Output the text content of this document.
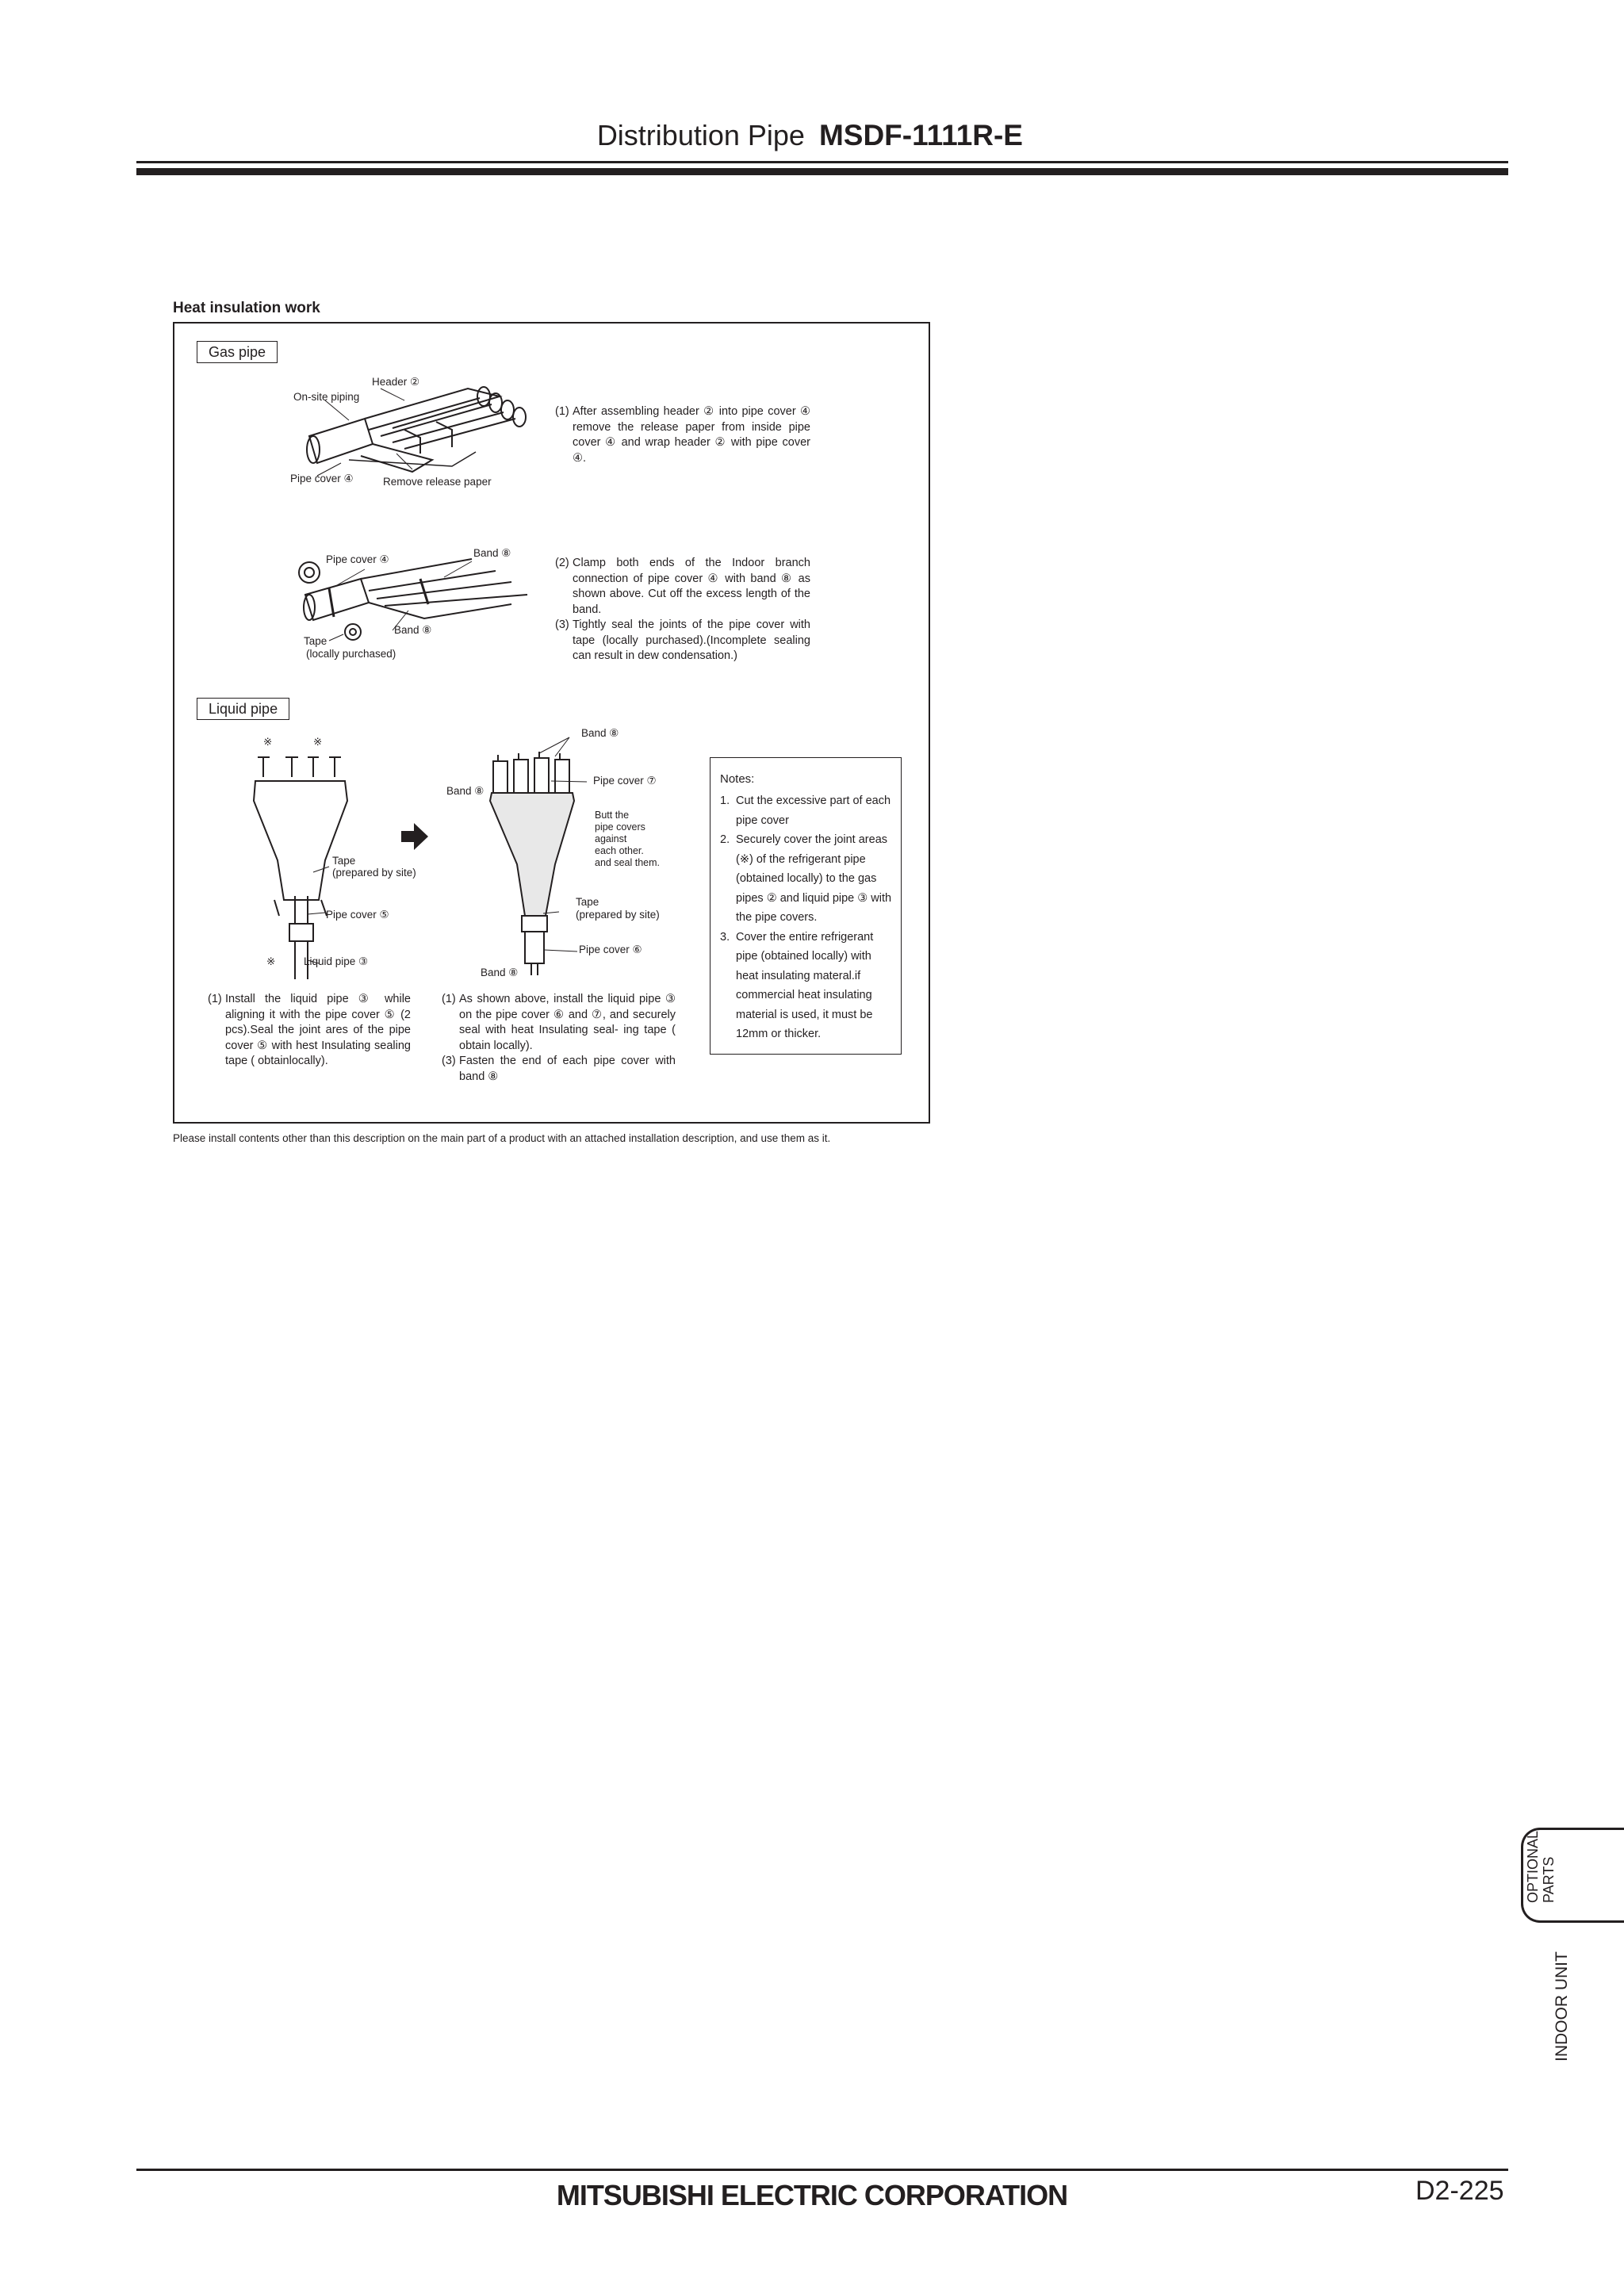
Distribution Pipe MSDF-1111R-E
Heat insulation work
Gas pipe
Header ②
On-site piping
Pipe cover ④	Remove release paper
(1) After assembling header ② into pipe cover ④ remove the release paper from inside pipe cover ④ and wrap header ② with pipe cover ④.
Pipe cover ④
Band ⑧
Band ⑧
Tape
(locally purchased)
(2) Clamp both ends of the Indoor branch connection of pipe cover ④ with band ⑧ as shown above. Cut off the excess length of the band.
(3) Tightly seal the joints of the pipe cover with tape (locally purchased).(Incomplete sealing can result in dew condensation.)
Liquid pipe
※	※
Tape
(prepared by site)
Pipe cover ⑤
※	Liquid pipe ③
Band ⑧
Band ⑧
Pipe cover ⑦
Butt the
pipe covers
against
each other.
and seal them.
Tape
(prepared by site)
Pipe cover ⑥
Band ⑧
(1) Install the liquid pipe ③ while aligning it with the pipe cover ⑤ (2 pcs).Seal the joint ares of the pipe cover ⑤ with hest Insulating sealing tape ( obtainlocally).
(1) As shown above, install the liquid pipe ③ on the pipe cover ⑥ and ⑦, and securely seal with heat Insulating seal- ing tape ( obtain locally).
(3) Fasten the end of each pipe cover with band ⑧
Notes:
1. Cut the excessive part of each pipe cover
2. Securely cover the joint areas (※) of the refrigerant pipe (obtained locally) to the gas pipes ② and liquid pipe ③ with the pipe covers.
3. Cover the entire refrigerant pipe (obtained locally) with heat insulating materal.if commercial heat insulating material is used, it must be 12mm or thicker.
Please install contents other than this description on the main part of a product with an attached installation description, and use them as it.
OPTIONAL PARTS
INDOOR UNIT
MITSUBISHI ELECTRIC CORPORATION	D2-225
